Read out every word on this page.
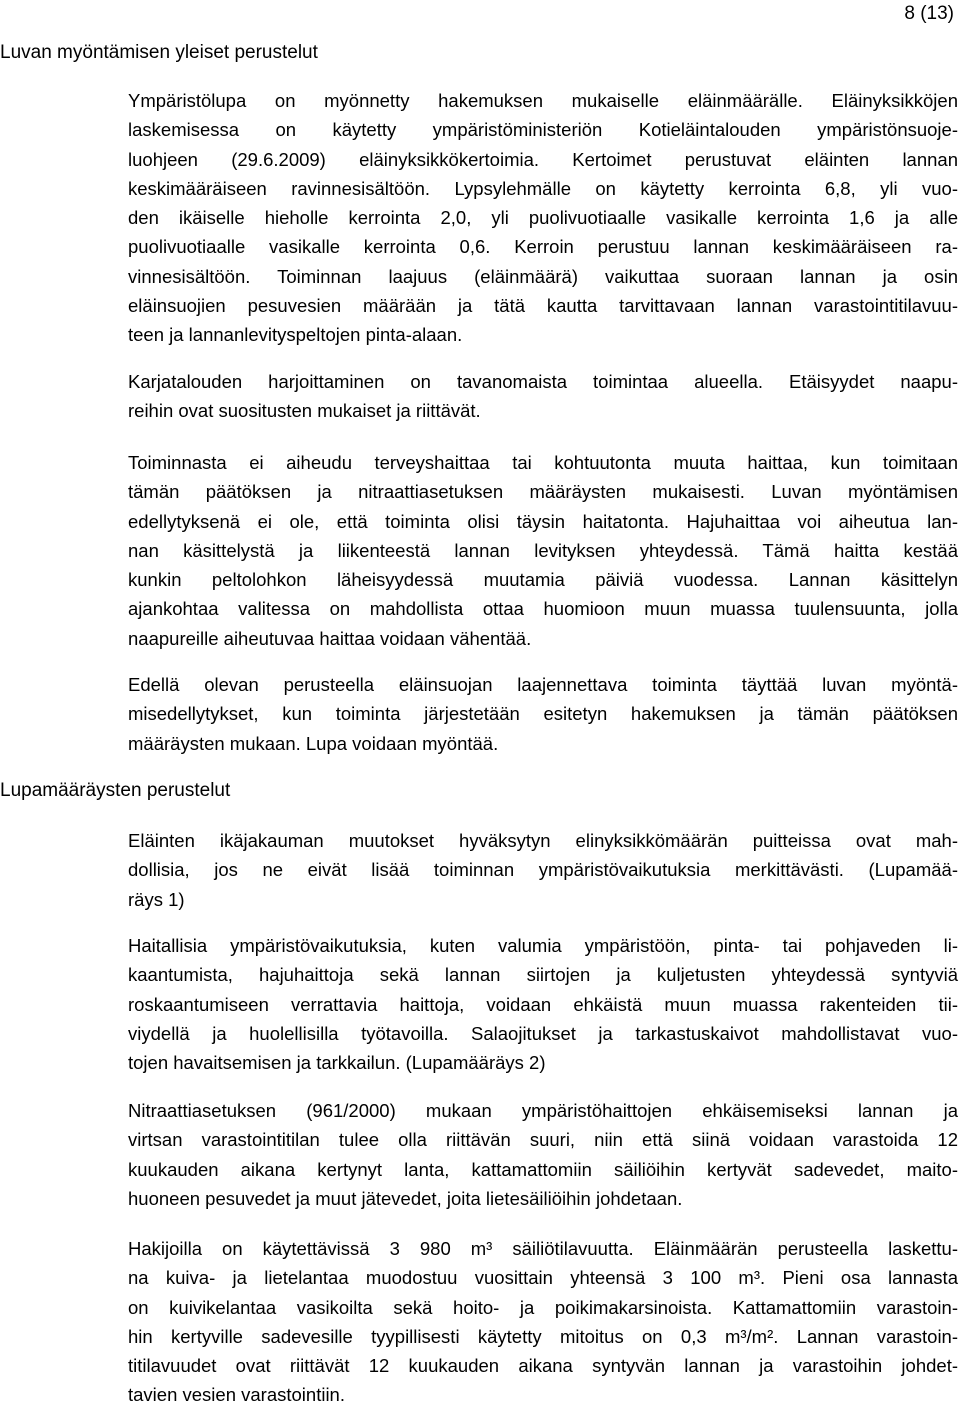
8 (13)
Luvan myöntämisen yleiset perustelut
Ympäristölupa on myönnetty hakemuksen mukaiselle eläinmäärälle. Eläinyksikköjen
laskemisessa on käytetty ympäristöministeriön Kotieläintalouden ympäristönsuoje-
luohjeen (29.6.2009) eläinyksikkökertoimia. Kertoimet perustuvat eläinten lannan
keskimääräiseen ravinnesisältöön. Lypsylehmälle on käytetty kerrointa 6,8, yli vuo-
den ikäiselle hieholle kerrointa 2,0, yli puolivuotiaalle vasikalle kerrointa 1,6 ja alle
puolivuotiaalle vasikalle kerrointa 0,6. Kerroin perustuu lannan keskimääräiseen ra-
vinnesisältöön. Toiminnan laajuus (eläinmäärä) vaikuttaa suoraan lannan ja osin
eläinsuojien pesuvesien määrään ja tätä kautta tarvittavaan lannan varastointitilavuu-
teen ja lannanlevityspeltojen pinta-alaan.
Karjatalouden harjoittaminen on tavanomaista toimintaa alueella. Etäisyydet naapu-
reihin ovat suositusten mukaiset ja riittävät.
Toiminnasta ei aiheudu terveyshaittaa tai kohtuutonta muuta haittaa, kun toimitaan
tämän päätöksen ja nitraattiasetuksen määräysten mukaisesti. Luvan myöntämisen
edellytyksenä ei ole, että toiminta olisi täysin haitatonta. Hajuhaittaa voi aiheutua lan-
nan käsittelystä ja liikenteestä lannan levityksen yhteydessä. Tämä haitta kestää
kunkin peltolohkon läheisyydessä muutamia päiviä vuodessa. Lannan käsittelyn
ajankohtaa valitessa on mahdollista ottaa huomioon muun muassa tuulensuunta, jolla
naapureille aiheutuvaa haittaa voidaan vähentää.
Edellä olevan perusteella eläinsuojan laajennettava toiminta täyttää luvan myöntä-
misedellytykset, kun toiminta järjestetään esitetyn hakemuksen ja tämän päätöksen
määräysten mukaan. Lupa voidaan myöntää.
Lupamääräysten perustelut
Eläinten ikäjakauman muutokset hyväksytyn elinyksikkömäärän puitteissa ovat mah-
dollisia, jos ne eivät lisää toiminnan ympäristövaikutuksia merkittävästi. (Lupamää-
räys 1)
Haitallisia ympäristövaikutuksia, kuten valumia ympäristöön, pinta- tai pohjaveden li-
kaantumista, hajuhaittoja sekä lannan siirtojen ja kuljetusten yhteydessä syntyviä
roskaantumiseen verrattavia haittoja, voidaan ehkäistä muun muassa rakenteiden tii-
viydellä ja huolellisilla työtavoilla. Salaojitukset ja tarkastuskaivot mahdollistavat vuo-
tojen havaitsemisen ja tarkkailun. (Lupamääräys 2)
Nitraattiasetuksen (961/2000) mukaan ympäristöhaittojen ehkäisemiseksi lannan ja
virtsan varastointitilan tulee olla riittävän suuri, niin että siinä voidaan varastoida 12
kuukauden aikana kertynyt lanta, kattamattomiin säiliöihin kertyvät sadevedet, maito-
huoneen pesuvedet ja muut jätevedet, joita lietesäiliöihin johdetaan.
Hakijoilla on käytettävissä 3 980 m³ säiliötilavuutta. Eläinmäärän perusteella laskettu-
na kuiva- ja lietelantaa muodostuu vuosittain yhteensä 3 100 m³. Pieni osa lannasta
on kuivikelantaa vasikoilta sekä hoito- ja poikimakarsinoista. Kattamattomiin varastoin-
hin kertyville sadevesille tyypillisesti käytetty mitoitus on 0,3 m³/m². Lannan varastoin-
titilavuudet ovat riittävät 12 kuukauden aikana syntyvän lannan ja varastoihin johdet-
tavien vesien varastointiin.
